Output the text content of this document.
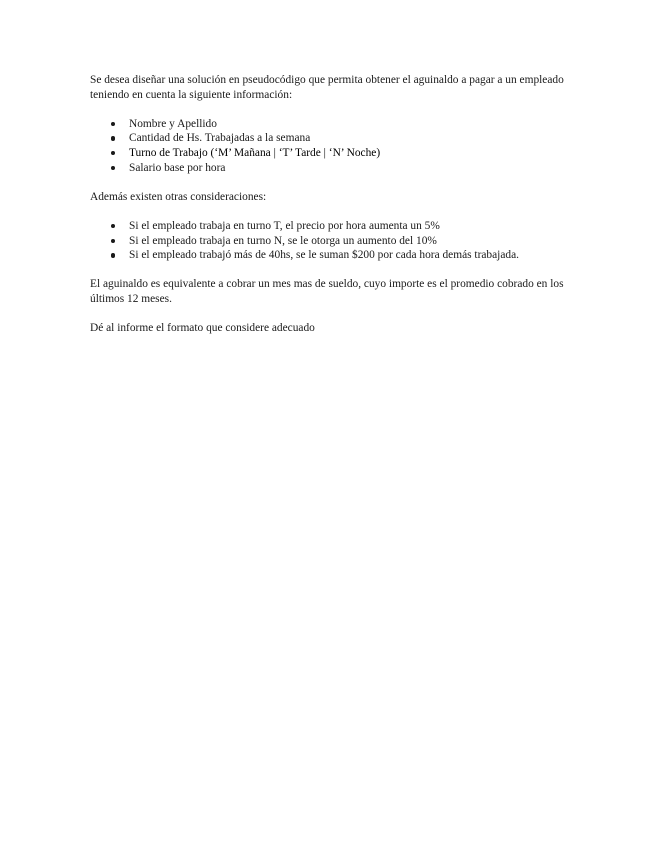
Se desea diseñar una solución en pseudocódigo que permita obtener el aguinaldo a pagar a un empleado teniendo en cuenta la siguiente información:

Nombre y Apellido
Cantidad de Hs. Trabajadas a la semana
Turno de Trabajo (‘M’ Mañana | ‘T’ Tarde | ‘N’ Noche)
Salario base por hora

Además existen otras consideraciones:

Si el empleado trabaja en turno T, el precio por hora aumenta un 5%
Si el empleado trabaja en turno N, se le otorga un aumento del 10%
Si el empleado trabajó más de 40hs, se le suman $200 por cada hora demás trabajada.

El aguinaldo es equivalente a cobrar un mes mas de sueldo, cuyo importe es el promedio cobrado en los últimos 12 meses.

Dé al informe el formato que considere adecuado
